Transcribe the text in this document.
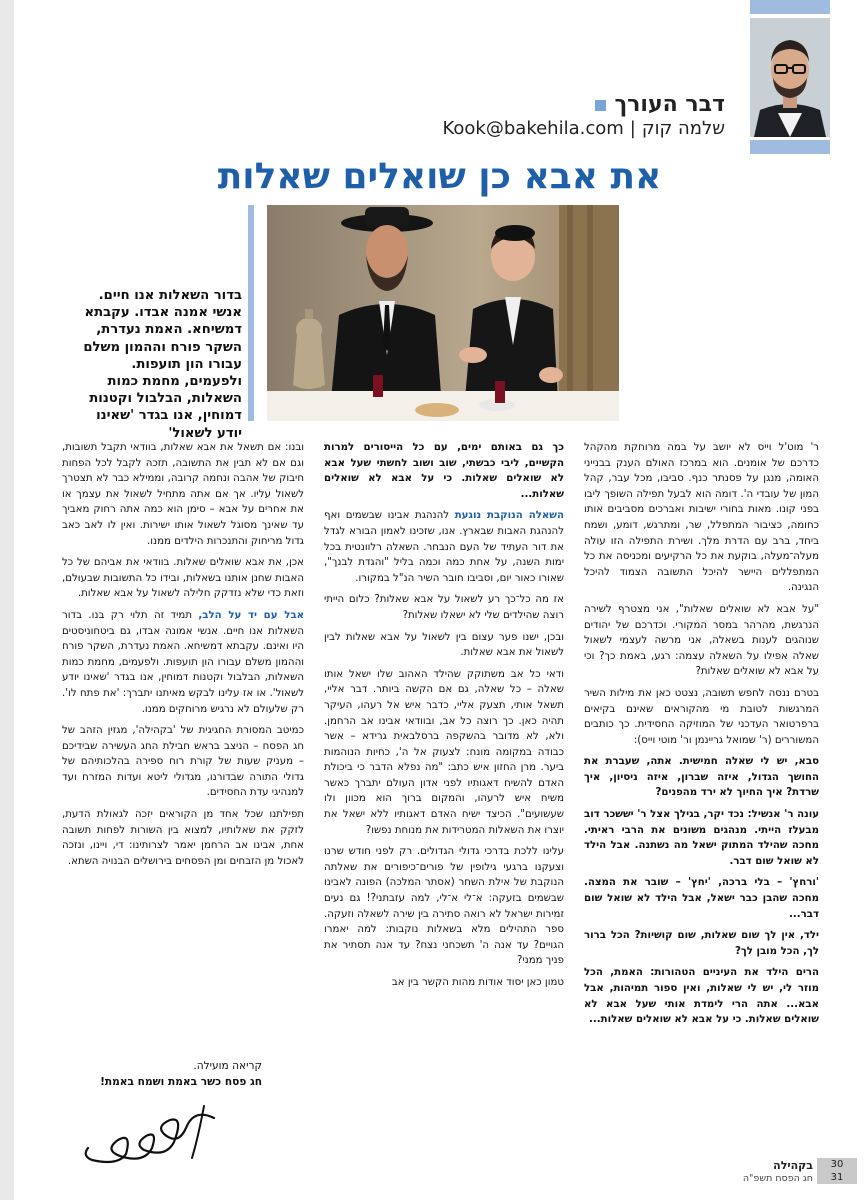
דבר העורך
שלמה קוק|Kook@bakehila.com
את אבא כן שואלים שאלות
בדור השאלות אנו חיים. אנשי אמנה אבדו. עקבתא דמשיחא. האמת נעדרת, השקר פורח וההמון משלם עבורו הון תועפות. ולפעמים, מחמת כמות השאלות, הבלבול וקטנות דמוחין, אנו בגדר 'שאינו יודע לשאול'

ר' מוט'ל וייס לא יושב על במה מרוחקת מהקהל כדרכם של אומנים. הוא במרכז האולם הענק בבנייני האומה, מנגן על פסנתר כנף. סביבו, מכל עבר, קהל המון של עובדי ה'. דומה הוא לבעל תפילה השופך ליבו בפני קונו. מאות בחורי ישיבות ואברכים מסביבים אותו כחומה, כציבור המתפלל, שר, ומתרגש, דומע, ושמח ביחד, ברב עם הדרת מלך. ושירת התפילה הזו עולה מעלה־מעלה, בוקעת את כל הרקיעים ומכניסה את כל המתפללים היישר להיכל התשובה הצמוד להיכל הנגינה.

"על אבא לא שואלים שאלות", אני מצטרף לשירה הנרגשת, מהרהר במסר המקורי. וכדרכם של יהודים שנוהגים לענות בשאלה, אני מרשה לעצמי לשאול שאלה אפילו על השאלה עצמה: רגע, באמת כך? וכי על אבא לא שואלים שאלות?

בטרם ננסה לחפש תשובה, נצטט כאן את מילות השיר המרגשות לטובת מי מהקוראים שאינם בקיאים ברפרטואר העדכני של המוזיקה החסידית. כך כותבים המשוררים (ר' שמואל גריינמן ור' מוטי וייס):

סבא, יש לי שאלה חמישית. אתה, שעברת את החושך הגדול, איזה שברון, איזה ניסיון, איך שרדת? איך החיוך לא ירד מהפנים?

עונה ר' אנשיל: נכד יקר, בגילך אצל ר' יששכר דוב מבעלז הייתי. מנהגים משונים את הרבי ראיתי. מחכה שהילד המתוק ישאל מה נשתנה. אבל הילד לא שואל שום דבר.

'ורחץ' – בלי ברכה, 'יחץ' – שובר את המצה. מחכה שהבן כבר ישאל, אבל הילד לא שואל שום דבר...

ילד, אין לך שום שאלות, שום קושיות? הכל ברור לך, הכל מובן לך?

הרים הילד את העיניים הטהורות: האמת, הכל מוזר לי, יש לי שאלות, ואין ספור תמיהות, אבל אבא... אתה הרי לימדת אותי שעל אבא לא שואלים שאלות. כי על אבא לא שואלים שאלות...

כך גם באותם ימים, עם כל הייסורים למרות הקשיים, ליבי כבשתי, שוב ושוב לחשתי שעל אבא לא שואלים שאלות. כי על אבא לא שואלים שאלות...

השאלה הנוקבת נוגעת להנהגת אבינו שבשמים ואף להנהגת האבות שבארץ. אנו, שזכינו לאמון הבורא לגדל את דור העתיד של העם הנבחר. השאלה רלוונטית בכל ימות השנה, על אחת כמה וכמה בליל "והגדת לבנך", שאורו כאור יום, וסביבו חובר השיר הנ"ל במקורו.

אז מה כל־כך רע לשאול על אבא שאלות? כלום הייתי רוצה שהילדים שלי לא ישאלו שאלות?

ובכן, ישנו פער עצום בין לשאול על אבא שאלות לבין לשאול את אבא שאלות.

ודאי כל אב משתוקק שהילד האהוב שלו ישאל אותו שאלה – כל שאלה, גם אם הקשה ביותר. דבר אליי, תשאל אותי, תצעק אליי, כדבר איש אל רעהו, העיקר תהיה כאן. כך רוצה כל אב, ובוודאי אבינו אב הרחמן. ולא, לא מדובר בהשקפה ברסלבאית גרידא – אשר כבודה במקומה מונח: לצעוק אל ה', כחיות הנוהמות ביער. מרן החזון איש כתב: "מה נפלא הדבר כי ביכולת האדם להשיח דאגותיו לפני אדון העולם יתברך כאשר משיח איש לרעהו, והמקום ברוך הוא מכוון ולו שעשועים". הכיצד ישיח האדם דאגותיו ללא ישאל את יוצרו את השאלות המטרידות את מנוחת נפשו?

עלינו ללכת בדרכי גדולי הגדולים. רק לפני חודש שרנו וצעקנו ברגעי גילופין של פורים־כיפורים את שאלתה הנוקבת של אילת השחר (אסתר המלכה) הפונה לאבינו שבשמים בזעקה: א־לי א־לי, למה עזבתני?! גם נעים זמירות ישראל לא רואה סתירה בין שירה לשאלה וזעקה. ספר התהילים מלא בשאלות נוקבות: למה יאמרו הגויים? עד אנה ה' תשכחני נצח? עד אנה תסתיר את פניך ממני?

טמון כאן יסוד אודות מהות הקשר בין אב

ובנו: אם תשאל את אבא שאלות, בוודאי תקבל תשובות, וגם אם לא תבין את התשובה, תזכה לקבל לכל הפחות חיבוק של אהבה ונחמה קרובה, וממילא כבר לא תצטרך לשאול עליו. אך אם אתה מתחיל לשאול את עצמך או את אחרים על אבא – סימן הוא כמה אתה רחוק מאביך עד שאינך מסוגל לשאול אותו ישירות. ואין לו לאב כאב גדול מריחוק והתנכרות הילדים ממנו.

אכן, את אבא שואלים שאלות. בוודאי את אביהם של כל האבות שחנן אותנו בשאלות, ובידו כל התשובות שבעולם, וזאת כדי שלא נזדקק חלילה לשאול על אבא שאלות.

אבל עם יד על הלב, תמיד זה תלוי רק בנו. בדור השאלות אנו חיים. אנשי אמונה אבדו, גם ביטחוניסטים היו ואינם. עקבתא דמשיחא. האמת נעדרת, השקר פורח וההמון משלם עבורו הון תועפות. ולפעמים, מחמת כמות השאלות, הבלבול וקטנות דמוחין, אנו בגדר 'שאינו יודע לשאול'. או אז עלינו לבקש מאיתנו יתברך: 'את פתח לו'. רק שלעולם לא נרגיש מרוחקים ממנו.

כמיטב המסורת החגיגית של 'בקהילה', מגזין הזהב של חג הפסח – הניצב בראש חבילת החג העשירה שבידיכם – מעניק שעות של קורת רוח ספירה בהלכותיהם של גדולי התורה שבדורנו, מגדולי ליטא ועדות המזרח ועד למנהיגי עדת החסידים.

תפילתנו שכל אחד מן הקוראים יזכה לגאולת הדעת, לזקק את שאלותיו, למצוא בין השורות לפחות תשובה אחת, אבינו אב הרחמן יאמר לצרותינו: די, ויינו, ונזכה לאכול מן הזבחים ומן הפסחים בירושלים הבנויה השתא.

קריאה מועילה.
חג פסח כשר באמת ושמח באמת!
בקהילה
חג הפסח תשפ"ה
30
31
